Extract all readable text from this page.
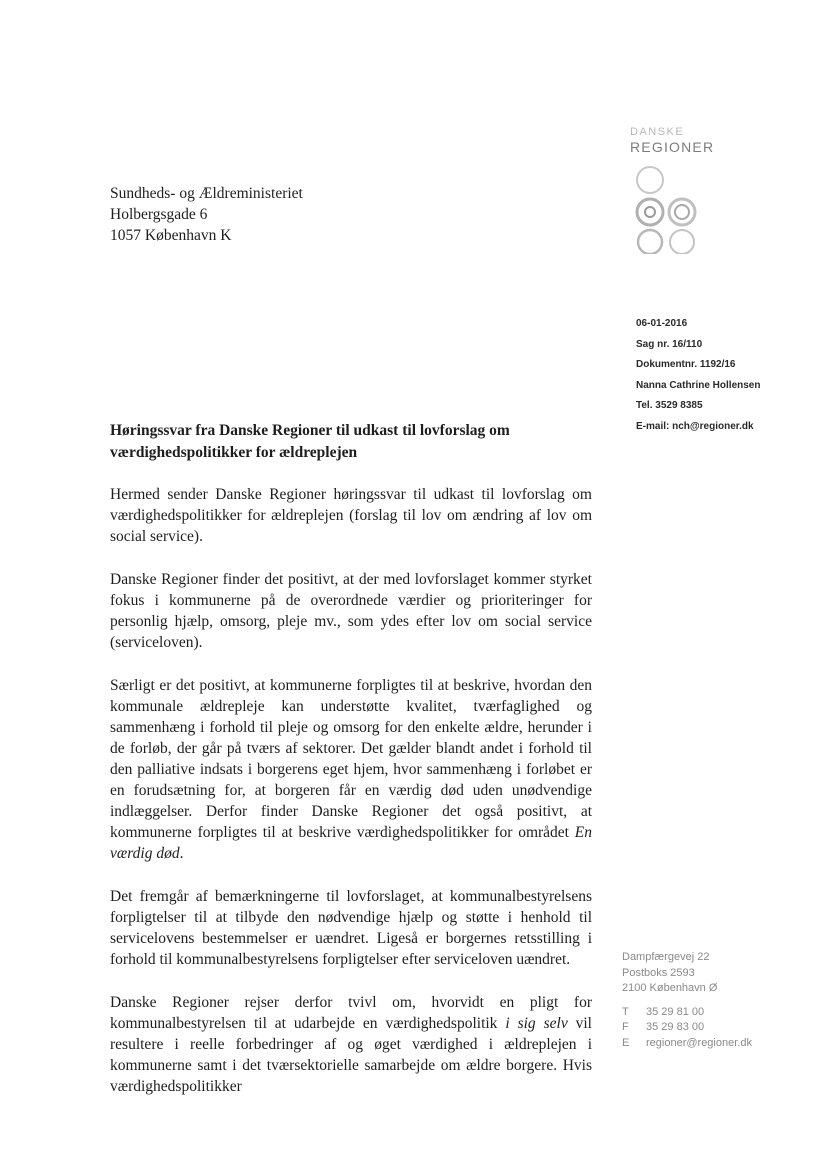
DANSKE
REGIONER
Sundheds- og Ældreministeriet
Holbergsgade 6
1057 København K
06-01-2016
Sag nr. 16/110
Dokumentnr. 1192/16
Nanna Cathrine Hollensen
Tel. 3529 8385
E-mail: nch@regioner.dk
Høringssvar fra Danske Regioner til udkast til lovforslag om værdighedspolitikker for ældreplejen

Hermed sender Danske Regioner høringssvar til udkast til lovforslag om værdighedspolitikker for ældreplejen (forslag til lov om ændring af lov om social service).

Danske Regioner finder det positivt, at der med lovforslaget kommer styrket fokus i kommunerne på de overordnede værdier og prioriteringer for personlig hjælp, omsorg, pleje mv., som ydes efter lov om social service (serviceloven).

Særligt er det positivt, at kommunerne forpligtes til at beskrive, hvordan den kommunale ældrepleje kan understøtte kvalitet, tværfaglighed og sammenhæng i forhold til pleje og omsorg for den enkelte ældre, herunder i de forløb, der går på tværs af sektorer. Det gælder blandt andet i forhold til den palliative indsats i borgerens eget hjem, hvor sammenhæng i forløbet er en forudsætning for, at borgeren får en værdig død uden unødvendige indlæggelser. Derfor finder Danske Regioner det også positivt, at kommunerne forpligtes til at beskrive værdighedspolitikker for området En værdig død.

Det fremgår af bemærkningerne til lovforslaget, at kommunalbestyrelsens forpligtelser til at tilbyde den nødvendige hjælp og støtte i henhold til servicelovens bestemmelser er uændret. Ligeså er borgernes retsstilling i forhold til kommunalbestyrelsens forpligtelser efter serviceloven uændret.

Danske Regioner rejser derfor tvivl om, hvorvidt en pligt for kommunalbestyrelsen til at udarbejde en værdighedspolitik i sig selv vil resultere i reelle forbedringer af og øget værdighed i ældreplejen i kommunerne samt i det tværsektorielle samarbejde om ældre borgere. Hvis værdighedspolitikker

Dampfærgevej 22
Postboks 2593
2100 København Ø
T	35 29 81 00
F	35 29 83 00
E	regioner@regioner.dk
